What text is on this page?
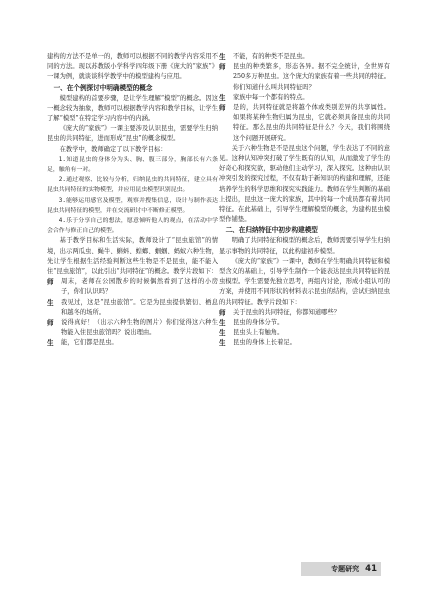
建构的方法不是单一的，教师可以根据不同的教学内容采用不同的方法。现以苏教版小学科学四年级下册《庞大的“家族”》一课为例，就谈谈科学教学中的模型建构与应用。

一、在个例探讨中明确模型的概念

模型建构的首要步骤，是让学生理解“模型”的概念。因这一概念较为抽象，教师可以根据教学内容和教学目标，让学生了解“模型”在特定学习内容中的内涵。

《庞大的“家族”》一课主要涉及认识昆虫，需要学生归纳昆虫的共同特征，进而形成“昆虫”的概念模型。

在教学中，教师确定了以下教学目标：

1.知道昆虫的身体分为头、胸、腹三部分，胸部长有六条足，触角有一对。

2.通过观察、比较与分析，归纳昆虫的共同特征，建立具有昆虫共同特征的实物模型，并应用昆虫模型识别昆虫。

3.能够运用感官及模型，观察并搜集信息，设计与制作表达昆虫共同特征的模型，并在交流研讨中不断修正模型。

4.乐于分享自己的想法，愿意倾听他人的观点，在活动中学会合作与修正自己的模型。

基于教学目标和生活实际，教师设计了“昆虫旅馆”的情境，出示两瓜虫、蝇牛、蝌蚪、蝗螂、蝈蝈、蚂蚁六种生物，先让学生根据生活经验判断这些生物是不是昆虫，能不能入住“昆虫旅馆”，以此引出“共同特征”的概念。教学片段如下：

师	周末，老师在公园散步的时候偶然看到了这样的小房子，你们认识吗？
生	我见过，这是“昆虫旅馆”。它是为昆虫提供繁衍、栖息和越冬的场所。
师	说得真好！（出示六种生物的图片）你们觉得这六种生物能入住昆虫旅馆吗？说出理由。
生	能，它们都是昆虫。
生	不能，有的种类不是昆虫。
师	昆虫的种类繁多，形态各异。据不完全统计，全世界有250多万种昆虫。这个庞大的家族有着一些共同的特征。你们知道什么叫共同特征吗？
生	家族中每一个都有的特点。
师	是的，共同特征就是将越个体或类别差异的共享属性。如果将某种生物归属为昆虫，它就必须具备昆虫的共同特征。那么昆虫的共同特征是什么？今天，我们将围绕这个问题开展研究。

关于六种生物是不是昆虫这个问题，学生表达了不同的意见。这种认知冲突打破了学生既有的认知，从而激发了学生的好奇心和探究欲，驱动他们主动学习，深入探究。这种由认识冲突引发的探究过程，不仅有助于新知识的构建和理解，还能培养学生的科学思维和探究实践能力。教师在学生判断的基础上提出，昆虫这一庞大的家族，其中的每一个成员都有着共同特征。在此基础上，引导学生理解模型的概念，为建构昆虫模型作铺垫。

二、在归纳特征中初步构建模型

明确了共同特征和模型的概念后，教师需要引导学生归纳显示事物的共同特征，以此构建初步模型。

《庞大的“家族”》一课中，教师在学生明确共同特征和模型含义的基础上，引导学生制作一个能表达昆虫共同特征的昆虫模型。学生需要先独立思考，再组内讨论，形成小组认可的方案，并使用不同形状的材料表示昆虫的结构，尝试归纳昆虫的共同特征。教学片段如下：

师	关于昆虫的共同特征，你都知道哪些？
生	昆虫的身体分节。
生	昆虫头上有触角。
生	昆虫的身体上长着足。
专题研究 41
